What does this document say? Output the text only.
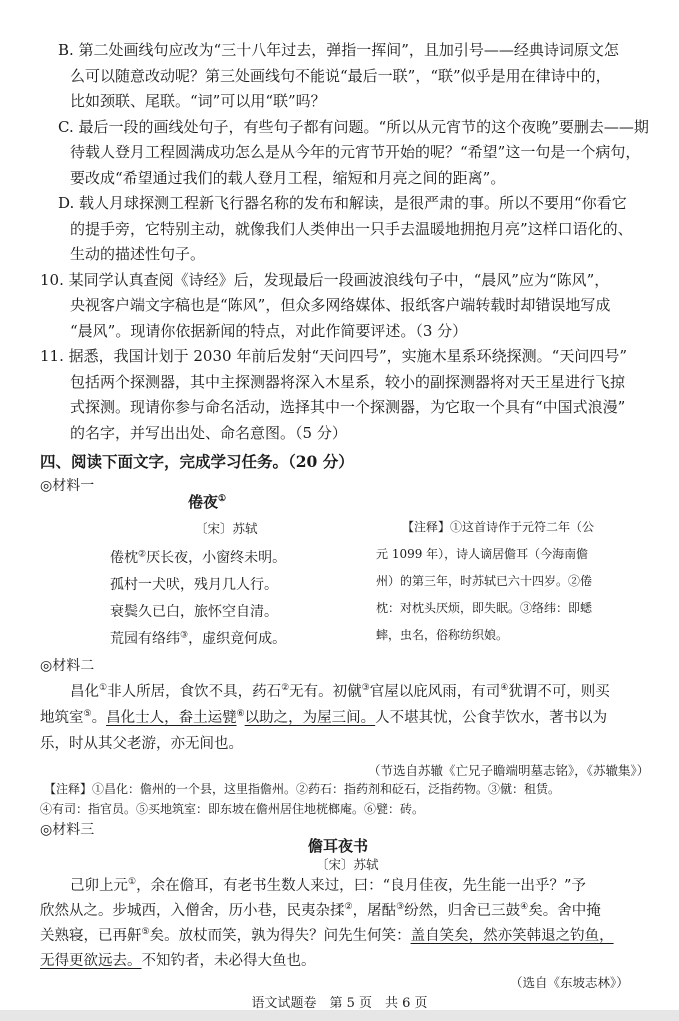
B. 第二处画线句应改为“三十八年过去，弹指一挥间”，且加引号——经典诗词原文怎
么可以随意改动呢？第三处画线句不能说“最后一联”，“联”似乎是用在律诗中的，
比如颈联、尾联。“词”可以用“联”吗？
C. 最后一段的画线处句子，有些句子都有问题。“所以从元宵节的这个夜晚”要删去——期
待载人登月工程圆满成功怎么是从今年的元宵节开始的呢？“希望”这一句是一个病句，
要改成“希望通过我们的载人登月工程，缩短和月亮之间的距离”。
D. 载人月球探测工程新飞行器名称的发布和解读，是很严肃的事。所以不要用“你看它
的提手旁，它特别主动，就像我们人类伸出一只手去温暖地拥抱月亮”这样口语化的、
生动的描述性句子。
10. 某同学认真查阅《诗经》后，发现最后一段画波浪线句子中，“晨风”应为“陈风”，
央视客户端文字稿也是“陈风”，但众多网络媒体、报纸客户端转载时却错误地写成
“晨风”。现请你依据新闻的特点，对此作简要评述。（3 分）
11. 据悉，我国计划于 2030 年前后发射“天问四号”，实施木星系环绕探测。“天问四号”
包括两个探测器，其中主探测器将深入木星系，较小的副探测器将对天王星进行飞掠
式探测。现请你参与命名活动，选择其中一个探测器，为它取一个具有“中国式浪漫”
的名字，并写出出处、命名意图。（5 分）
四、阅读下面文字，完成学习任务。（20 分）
◎材料一
倦夜①
〔宋〕苏轼
倦枕②厌长夜，小窗终未明。
孤村一犬吠，残月几人行。
衰鬓久已白，旅怀空自清。
荒园有络纬③，虚织竟何成。
【注释】①这首诗作于元符二年（公
元 1099 年），诗人谪居儋耳（今海南儋
州）的第三年，时苏轼已六十四岁。②倦
枕：对枕头厌烦，即失眠。③络纬：即蟋
蟀，虫名，俗称纺织娘。
◎材料二
昌化①非人所居，食饮不具，药石②无有。初僦③官屋以庇风雨，有司④犹谓不可，则买
地筑室⑤。昌化士人，畚土运甓⑥以助之，为屋三间。人不堪其忧，公食芋饮水，著书以为
乐，时从其父老游，亦无间也。
（节选自苏辙《亡兄子瞻端明墓志铭》，《苏辙集》）
【注释】①昌化：儋州的一个县，这里指儋州。②药石：指药剂和砭石，泛指药物。③僦：租赁。
④有司：指官员。⑤买地筑室：即东坡在儋州居住地桄榔庵。⑥甓：砖。
◎材料三
儋耳夜书
〔宋〕苏轼
己卯上元①，余在儋耳，有老书生数人来过，曰：“良月佳夜，先生能一出乎？”予
欣然从之。步城西，入僧舍，历小巷，民夷杂揉②，屠酤③纷然，归舍已三鼓④矣。舍中掩
关熟寝，已再鼾⑤矣。放杖而笑，孰为得失？问先生何笑：盖自笑矣，然亦笑韩退之钓鱼，
无得更欲远去。不知钓者，未必得大鱼也。
（选自《东坡志林》）
语文试题卷　第 5 页　共 6 页
